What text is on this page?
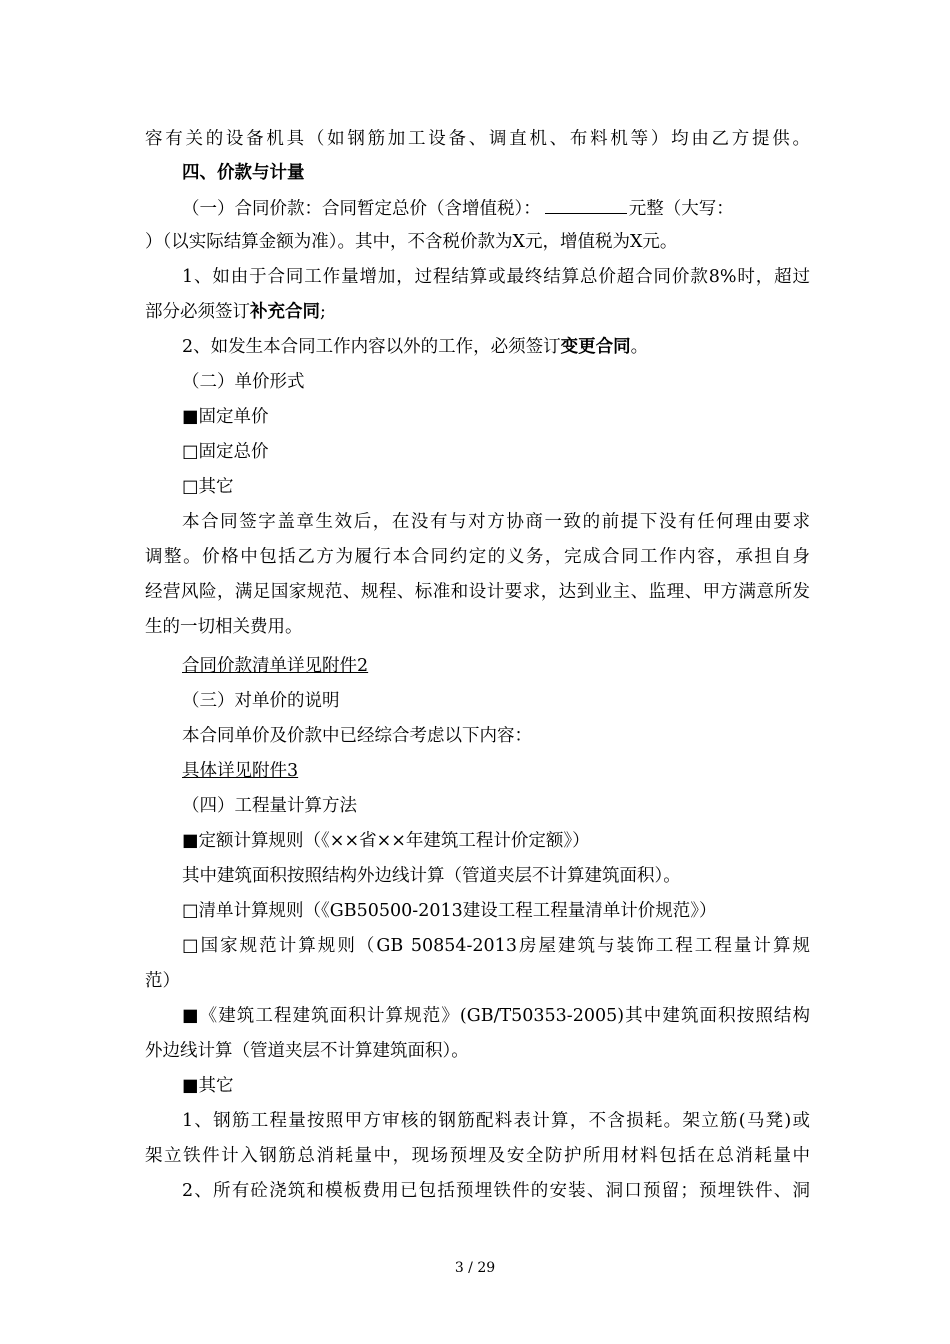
容有关的设备机具（如钢筋加工设备、调直机、布料机等）均由乙方提供。
四、价款与计量
（一）合同价款：合同暂定总价（含增值税）：	元整（大写：
）（以实际结算金额为准）。其中，不含税价款为X元，增值税为X元。
1、如由于合同工作量增加，过程结算或最终结算总价超合同价款8%时，超过
部分必须签订补充合同;
2、如发生本合同工作内容以外的工作，必须签订变更合同。
（二）单价形式
■固定单价
□固定总价
□其它
本合同签字盖章生效后，在没有与对方协商一致的前提下没有任何理由要求
调整。价格中包括乙方为履行本合同约定的义务，完成合同工作内容，承担自身
经营风险，满足国家规范、规程、标准和设计要求，达到业主、监理、甲方满意所发
生的一切相关费用。
合同价款清单详见附件2
（三）对单价的说明
本合同单价及价款中已经综合考虑以下内容：
具体详见附件3
（四）工程量计算方法
■定额计算规则（《××省××年建筑工程计价定额》）
其中建筑面积按照结构外边线计算（管道夹层不计算建筑面积）。
□清单计算规则（《GB50500-2013建设工程工程量清单计价规范》）
□国家规范计算规则（GB 50854-2013房屋建筑与装饰工程工程量计算规
范）
■《建筑工程建筑面积计算规范》(GB/T50353-2005)其中建筑面积按照结构
外边线计算（管道夹层不计算建筑面积）。
■其它
1、钢筋工程量按照甲方审核的钢筋配料表计算，不含损耗。架立筋(马凳)或
架立铁件计入钢筋总消耗量中，现场预埋及安全防护所用材料包括在总消耗量中
2、所有砼浇筑和模板费用已包括预埋铁件的安装、洞口预留；预埋铁件、洞
3 / 29
